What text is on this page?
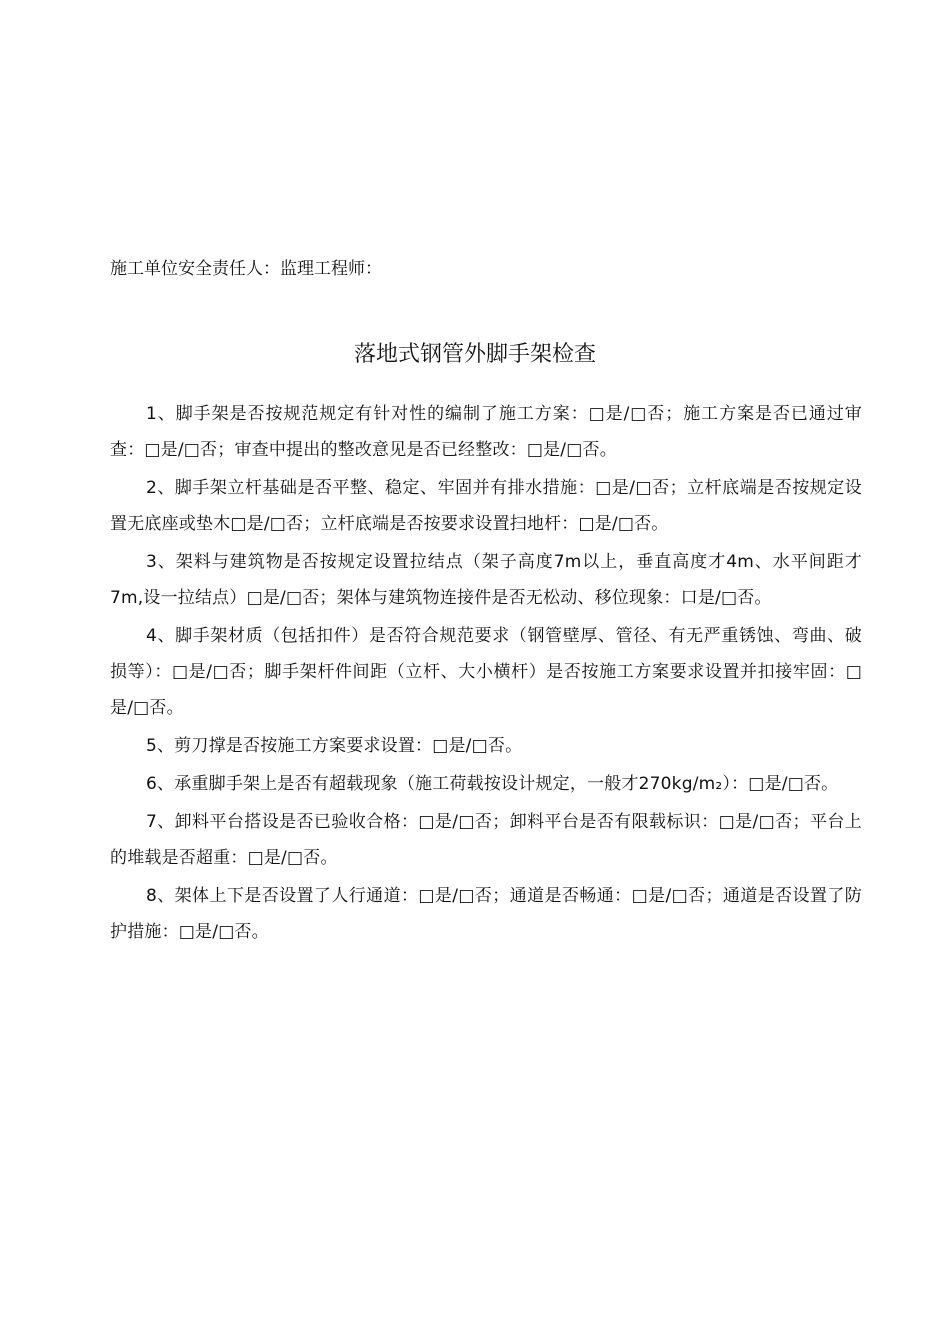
施工单位安全责任人：监理工程师：
落地式钢管外脚手架检查

1、脚手架是否按规范规定有针对性的编制了施工方案：□是/□否；施工方案是否已通过审查：□是/□否；审查中提出的整改意见是否已经整改：□是/□否。

2、脚手架立杆基础是否平整、稳定、牢固并有排水措施：□是/□否；立杆底端是否按规定设置无底座或垫木□是/□否；立杆底端是否按要求设置扫地杆：□是/□否。

3、架料与建筑物是否按规定设置拉结点（架子高度7m以上，垂直高度才4m、水平间距才7m,设一拉结点）□是/□否；架体与建筑物连接件是否无松动、移位现象：口是/□否。

4、脚手架材质（包括扣件）是否符合规范要求（钢管壁厚、管径、有无严重锈蚀、弯曲、破损等）：□是/□否；脚手架杆件间距（立杆、大小横杆）是否按施工方案要求设置并扣接牢固：□是/□否。

5、剪刀撑是否按施工方案要求设置：□是/□否。

6、承重脚手架上是否有超载现象（施工荷载按设计规定，一般才270kg/m₂）：□是/□否。

7、卸料平台搭设是否已验收合格：□是/□否；卸料平台是否有限载标识：□是/□否；平台上的堆载是否超重：□是/□否。

8、架体上下是否设置了人行通道：□是/□否；通道是否畅通：□是/□否；通道是否设置了防护措施：□是/□否。
